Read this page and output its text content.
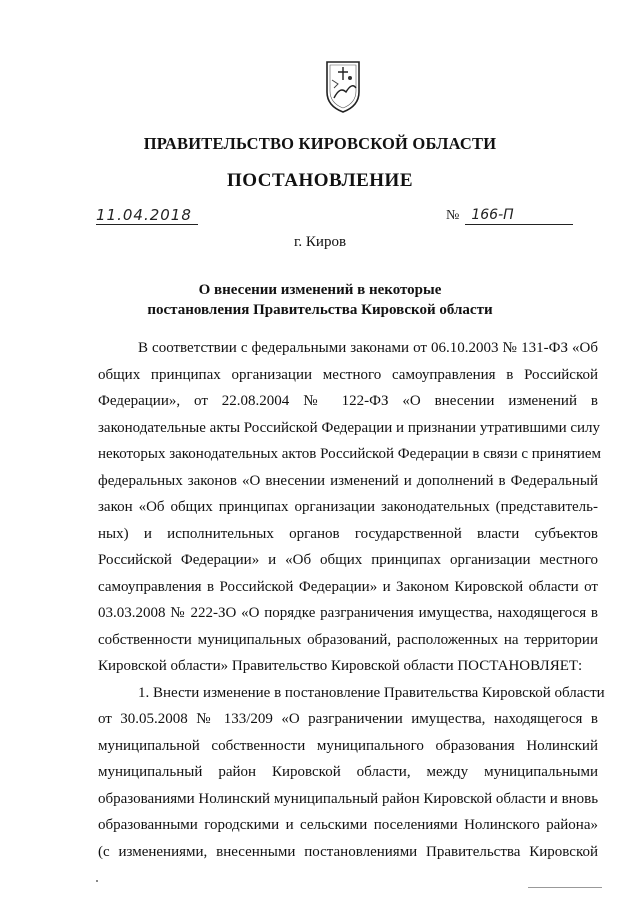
ПРАВИТЕЛЬСТВО КИРОВСКОЙ ОБЛАСТИ
ПОСТАНОВЛЕНИЕ
11.04.2018	№ 166-П
г. Киров
О внесении изменений в некоторые
постановления Правительства Кировской области
В соответствии с федеральными законами от 06.10.2003 № 131-ФЗ «Об
общих принципах организации местного самоуправления в Российской
Федерации», от 22.08.2004 № 122-ФЗ «О внесении изменений в
законодательные акты Российской Федерации и признании утратившими силу
некоторых законодательных актов Российской Федерации в связи с принятием
федеральных законов «О внесении изменений и дополнений в Федеральный
закон «Об общих принципах организации законодательных (представитель-
ных) и исполнительных органов государственной власти субъектов
Российской Федерации» и «Об общих принципах организации местного
самоуправления в Российской Федерации» и Законом Кировской области от
03.03.2008 № 222-ЗО «О порядке разграничения имущества, находящегося в
собственности муниципальных образований, расположенных на территории
Кировской области» Правительство Кировской области ПОСТАНОВЛЯЕТ:
1. Внести изменение в постановление Правительства Кировской области
от 30.05.2008 № 133/209 «О разграничении имущества, находящегося в
муниципальной собственности муниципального образования Нолинский
муниципальный район Кировской области, между муниципальными
образованиями Нолинский муниципальный район Кировской области и вновь
образованными городскими и сельскими поселениями Нолинского района»
(с изменениями, внесенными постановлениями Правительства Кировской
